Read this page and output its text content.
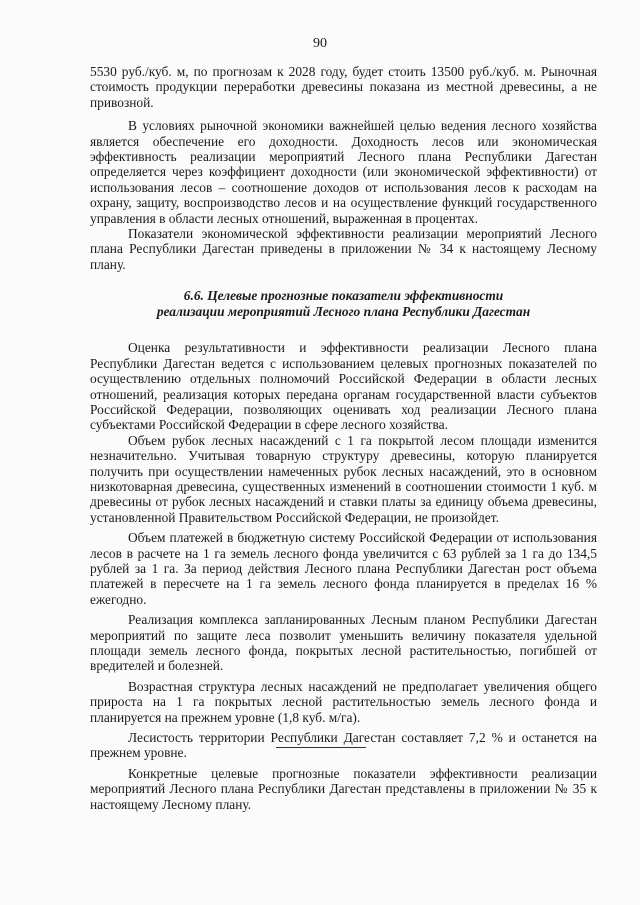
90

5530 руб./куб. м, по прогнозам к 2028 году, будет стоить 13500 руб./куб. м. Рыночная стоимость продукции переработки древесины показана из местной древесины, а не привозной.

В условиях рыночной экономики важнейшей целью ведения лесного хозяйства является обеспечение его доходности. Доходность лесов или экономическая эффективность реализации мероприятий Лесного плана Республики Дагестан определяется через коэффициент доходности (или экономической эффективности) от использования лесов – соотношение доходов от использования лесов к расходам на охрану, защиту, воспроизводство лесов и на осуществление функций государственного управления в области лесных отношений, выраженная в процентах.

Показатели экономической эффективности реализации мероприятий Лесного плана Республики Дагестан приведены в приложении № 34 к настоящему Лесному плану.

6.6. Целевые прогнозные показатели эффективности
реализации мероприятий Лесного плана Республики Дагестан

Оценка результативности и эффективности реализации Лесного плана Республики Дагестан ведется с использованием целевых прогнозных показателей по осуществлению отдельных полномочий Российской Федерации в области лесных отношений, реализация которых передана органам государственной власти субъектов Российской Федерации, позволяющих оценивать ход реализации Лесного плана субъектами Российской Федерации в сфере лесного хозяйства.

Объем рубок лесных насаждений с 1 га покрытой лесом площади изменится незначительно. Учитывая товарную структуру древесины, которую планируется получить при осуществлении намеченных рубок лесных насаждений, это в основном низкотоварная древесина, существенных изменений в соотношении стоимости 1 куб. м древесины от рубок лесных насаждений и ставки платы за единицу объема древесины, установленной Правительством Российской Федерации, не произойдет.

Объем платежей в бюджетную систему Российской Федерации от использования лесов в расчете на 1 га земель лесного фонда увеличится с 63 рублей за 1 га до 134,5 рублей за 1 га. За период действия Лесного плана Республики Дагестан рост объема платежей в пересчете на 1 га земель лесного фонда планируется в пределах 16 % ежегодно.

Реализация комплекса запланированных Лесным планом Республики Дагестан мероприятий по защите леса позволит уменьшить величину показателя удельной площади земель лесного фонда, покрытых лесной растительностью, погибшей от вредителей и болезней.

Возрастная структура лесных насаждений не предполагает увеличения общего прироста на 1 га покрытых лесной растительностью земель лесного фонда и планируется на прежнем уровне (1,8 куб. м/га).

Лесистость территории Республики Дагестан составляет 7,2 % и останется на прежнем уровне.

Конкретные целевые прогнозные показатели эффективности реализации мероприятий Лесного плана Республики Дагестан представлены в приложении № 35 к настоящему Лесному плану.
